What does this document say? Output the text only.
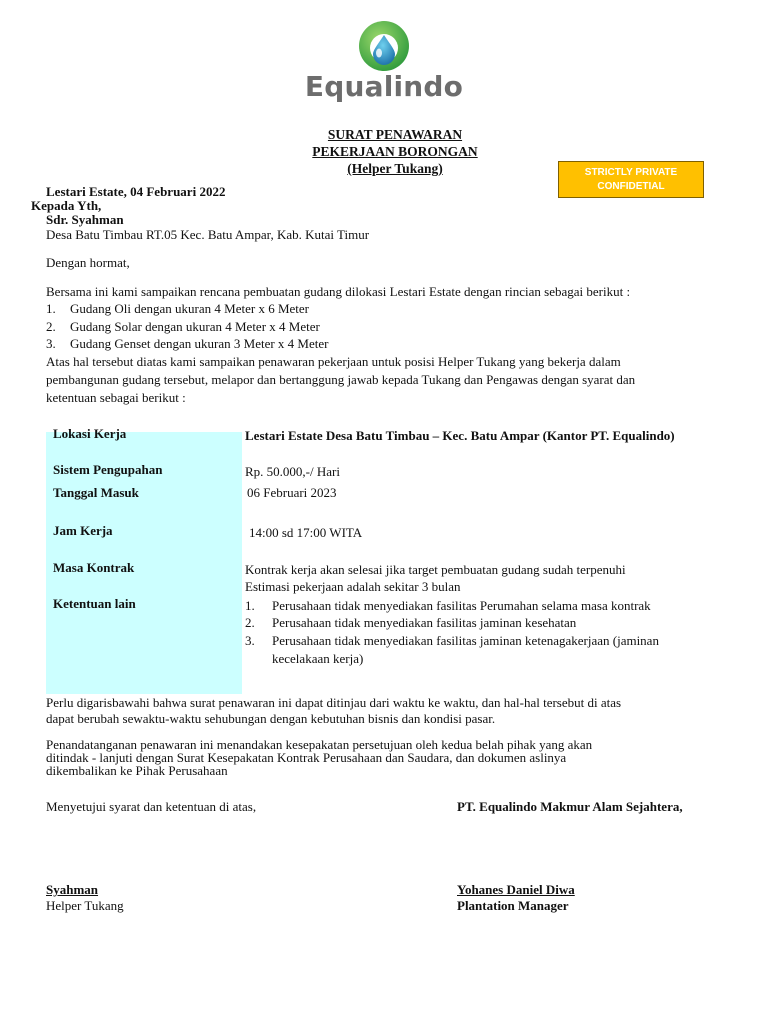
Equalindo
SURAT PENAWARAN
PEKERJAAN BORONGAN
(Helper Tukang)	STRICTLY PRIVATE
CONFIDETIAL
Lestari Estate, 04 Februari 2022
Kepada Yth,
Sdr. Syahman
Desa Batu Timbau RT.05 Kec. Batu Ampar, Kab. Kutai Timur
Dengan hormat,
Bersama ini kami sampaikan rencana pembuatan gudang dilokasi Lestari Estate dengan rincian sebagai berikut :
1. Gudang Oli dengan ukuran 4 Meter x 6 Meter
2. Gudang Solar dengan ukuran 4 Meter x 4 Meter
3. Gudang Genset dengan ukuran 3 Meter x 4 Meter
Atas hal tersebut diatas kami sampaikan penawaran pekerjaan untuk posisi Helper Tukang yang bekerja dalam
pembangunan gudang tersebut, melapor dan bertanggung jawab kepada Tukang dan Pengawas dengan syarat dan
ketentuan sebagai berikut :
Lokasi Kerja	Lestari Estate Desa Batu Timbau – Kec. Batu Ampar (Kantor PT. Equalindo)
Sistem Pengupahan	Rp. 50.000,-/ Hari
Tanggal Masuk	06 Februari 2023
Jam Kerja	14:00 sd 17:00 WITA
Masa Kontrak	Kontrak kerja akan selesai jika target pembuatan gudang sudah terpenuhi
Estimasi pekerjaan adalah sekitar 3 bulan
Ketentuan lain	1. Perusahaan tidak menyediakan fasilitas Perumahan selama masa kontrak
2. Perusahaan tidak menyediakan fasilitas jaminan kesehatan
3. Perusahaan tidak menyediakan fasilitas jaminan ketenagakerjaan (jaminan
kecelakaan kerja)
Perlu digarisbawahi bahwa surat penawaran ini dapat ditinjau dari waktu ke waktu, dan hal-hal tersebut di atas
dapat berubah sewaktu-waktu sehubungan dengan kebutuhan bisnis dan kondisi pasar.
Penandatanganan penawaran ini menandakan kesepakatan persetujuan oleh kedua belah pihak yang akan
ditindak - lanjuti dengan Surat Kesepakatan Kontrak Perusahaan dan Saudara, dan dokumen aslinya
dikembalikan ke Pihak Perusahaan
Menyetujui syarat dan ketentuan di atas,	PT. Equalindo Makmur Alam Sejahtera,
Syahman
Helper Tukang
Yohanes Daniel Diwa
Plantation Manager
